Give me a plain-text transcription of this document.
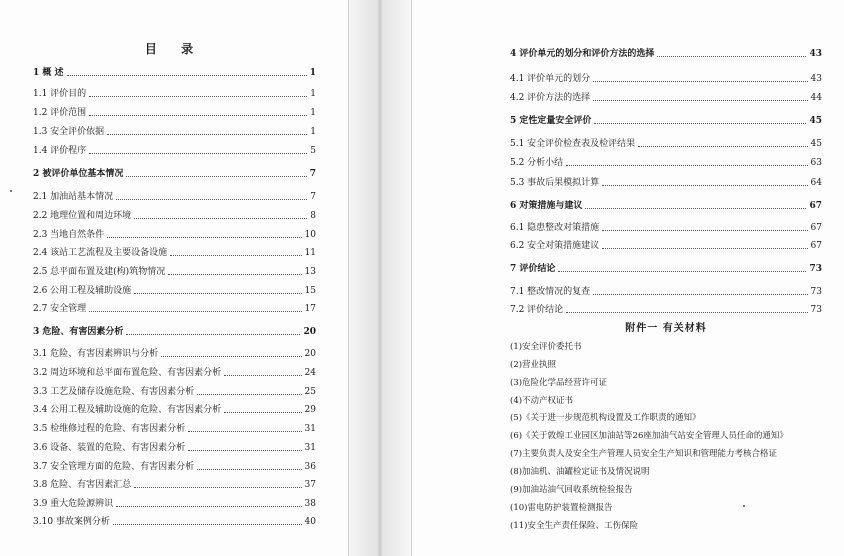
目 录
1 概 述	1
1.1 评价目的	1
1.2 评价范围	1
1.3 安全评价依据	1
1.4 评价程序	5
2 被评价单位基本情况	7
2.1 加油站基本情况	7
2.2 地理位置和周边环境	8
2.3 当地自然条件	10
2.4 该站工艺流程及主要设备设施	11
2.5 总平面布置及建(构)筑物情况	13
2.6 公用工程及辅助设施	15
2.7 安全管理	17
3 危险、有害因素分析	20
3.1 危险、有害因素辨识与分析	20
3.2 周边环境和总平面布置危险、有害因素分析	24
3.3 工艺及储存设施危险、有害因素分析	25
3.4 公用工程及辅助设施的危险、有害因素分析	29
3.5 检维修过程的危险、有害因素分析	31
3.6 设备、装置的危险、有害因素分析	31
3.7 安全管理方面的危险、有害因素分析	36
3.8 危险、有害因素汇总	37
3.9 重大危险源辨识	38
3.10 事故案例分析	40
4 评价单元的划分和评价方法的选择	43
4.1 评价单元的划分	43
4.2 评价方法的选择	44
5 定性定量安全评价	45
5.1 安全评价检查表及检评结果	45
5.2 分析小结	63
5.3 事故后果模拟计算	64
6 对策措施与建议	67
6.1 隐患整改对策措施	67
6.2 安全对策措施建议	67
7 评价结论	73
7.1 整改情况的复查	73
7.2 评价结论	73
附件一 有关材料
(1)安全评价委托书
(2)营业执照
(3)危险化学品经营许可证
(4)不动产权证书
(5)《关于进一步规范机构设置及工作职责的通知》
(6)《关于敦煌工业园区加油站等26座加油气站安全管理人员任命的通知》
(7)主要负责人及安全生产管理人员安全生产知识和管理能力考核合格证
(8)加油机、油罐检定证书及情况说明
(9)加油站油气回收系统检验报告
(10)雷电防护装置检测报告
(11)安全生产责任保险、工伤保险
